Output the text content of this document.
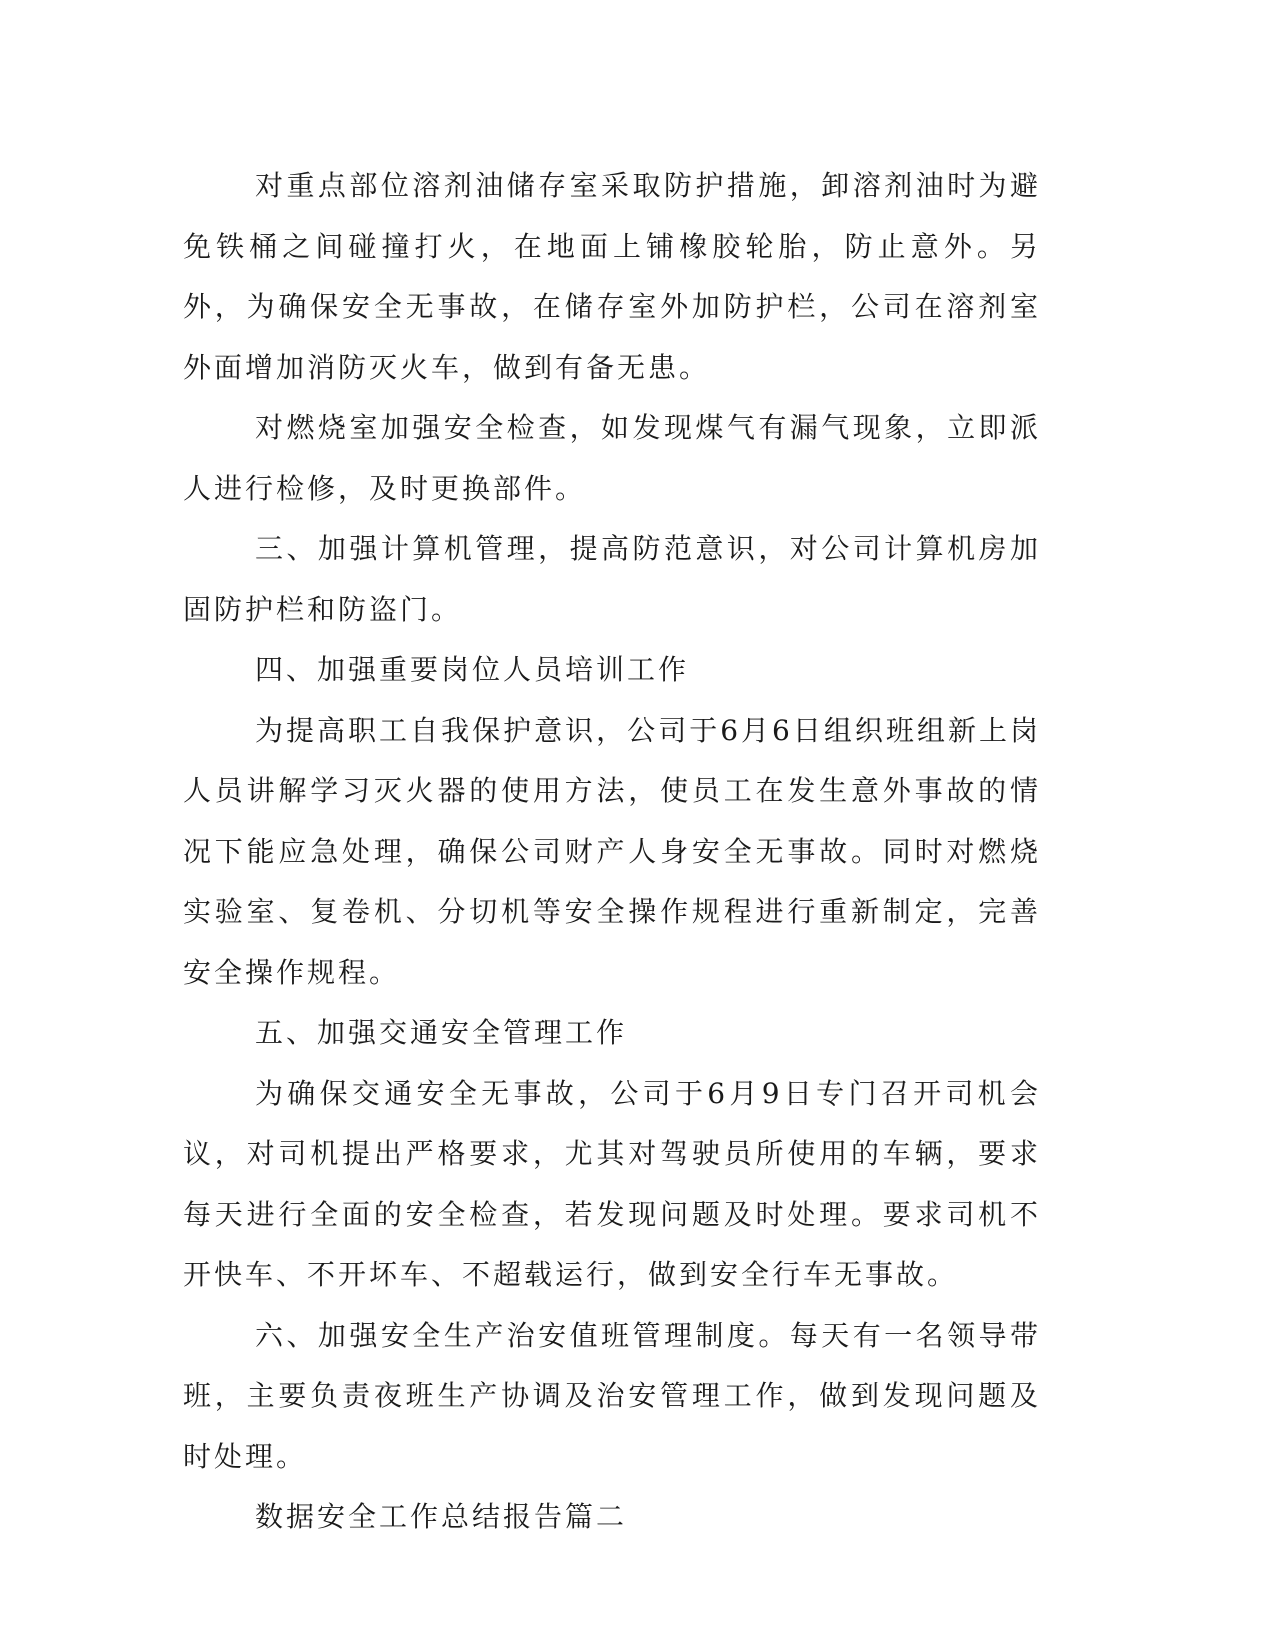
对重点部位溶剂油储存室采取防护措施，卸溶剂油时为避免铁桶之间碰撞打火，在地面上铺橡胶轮胎，防止意外。另外，为确保安全无事故，在储存室外加防护栏，公司在溶剂室外面增加消防灭火车，做到有备无患。

对燃烧室加强安全检查，如发现煤气有漏气现象，立即派人进行检修，及时更换部件。

三、加强计算机管理，提高防范意识，对公司计算机房加固防护栏和防盗门。

四、加强重要岗位人员培训工作

为提高职工自我保护意识，公司于6月6日组织班组新上岗人员讲解学习灭火器的使用方法，使员工在发生意外事故的情况下能应急处理，确保公司财产人身安全无事故。同时对燃烧实验室、复卷机、分切机等安全操作规程进行重新制定，完善安全操作规程。

五、加强交通安全管理工作

为确保交通安全无事故，公司于6月9日专门召开司机会议，对司机提出严格要求，尤其对驾驶员所使用的车辆，要求每天进行全面的安全检查，若发现问题及时处理。要求司机不开快车、不开坏车、不超载运行，做到安全行车无事故。

六、加强安全生产治安值班管理制度。每天有一名领导带班，主要负责夜班生产协调及治安管理工作，做到发现问题及时处理。

数据安全工作总结报告篇二
